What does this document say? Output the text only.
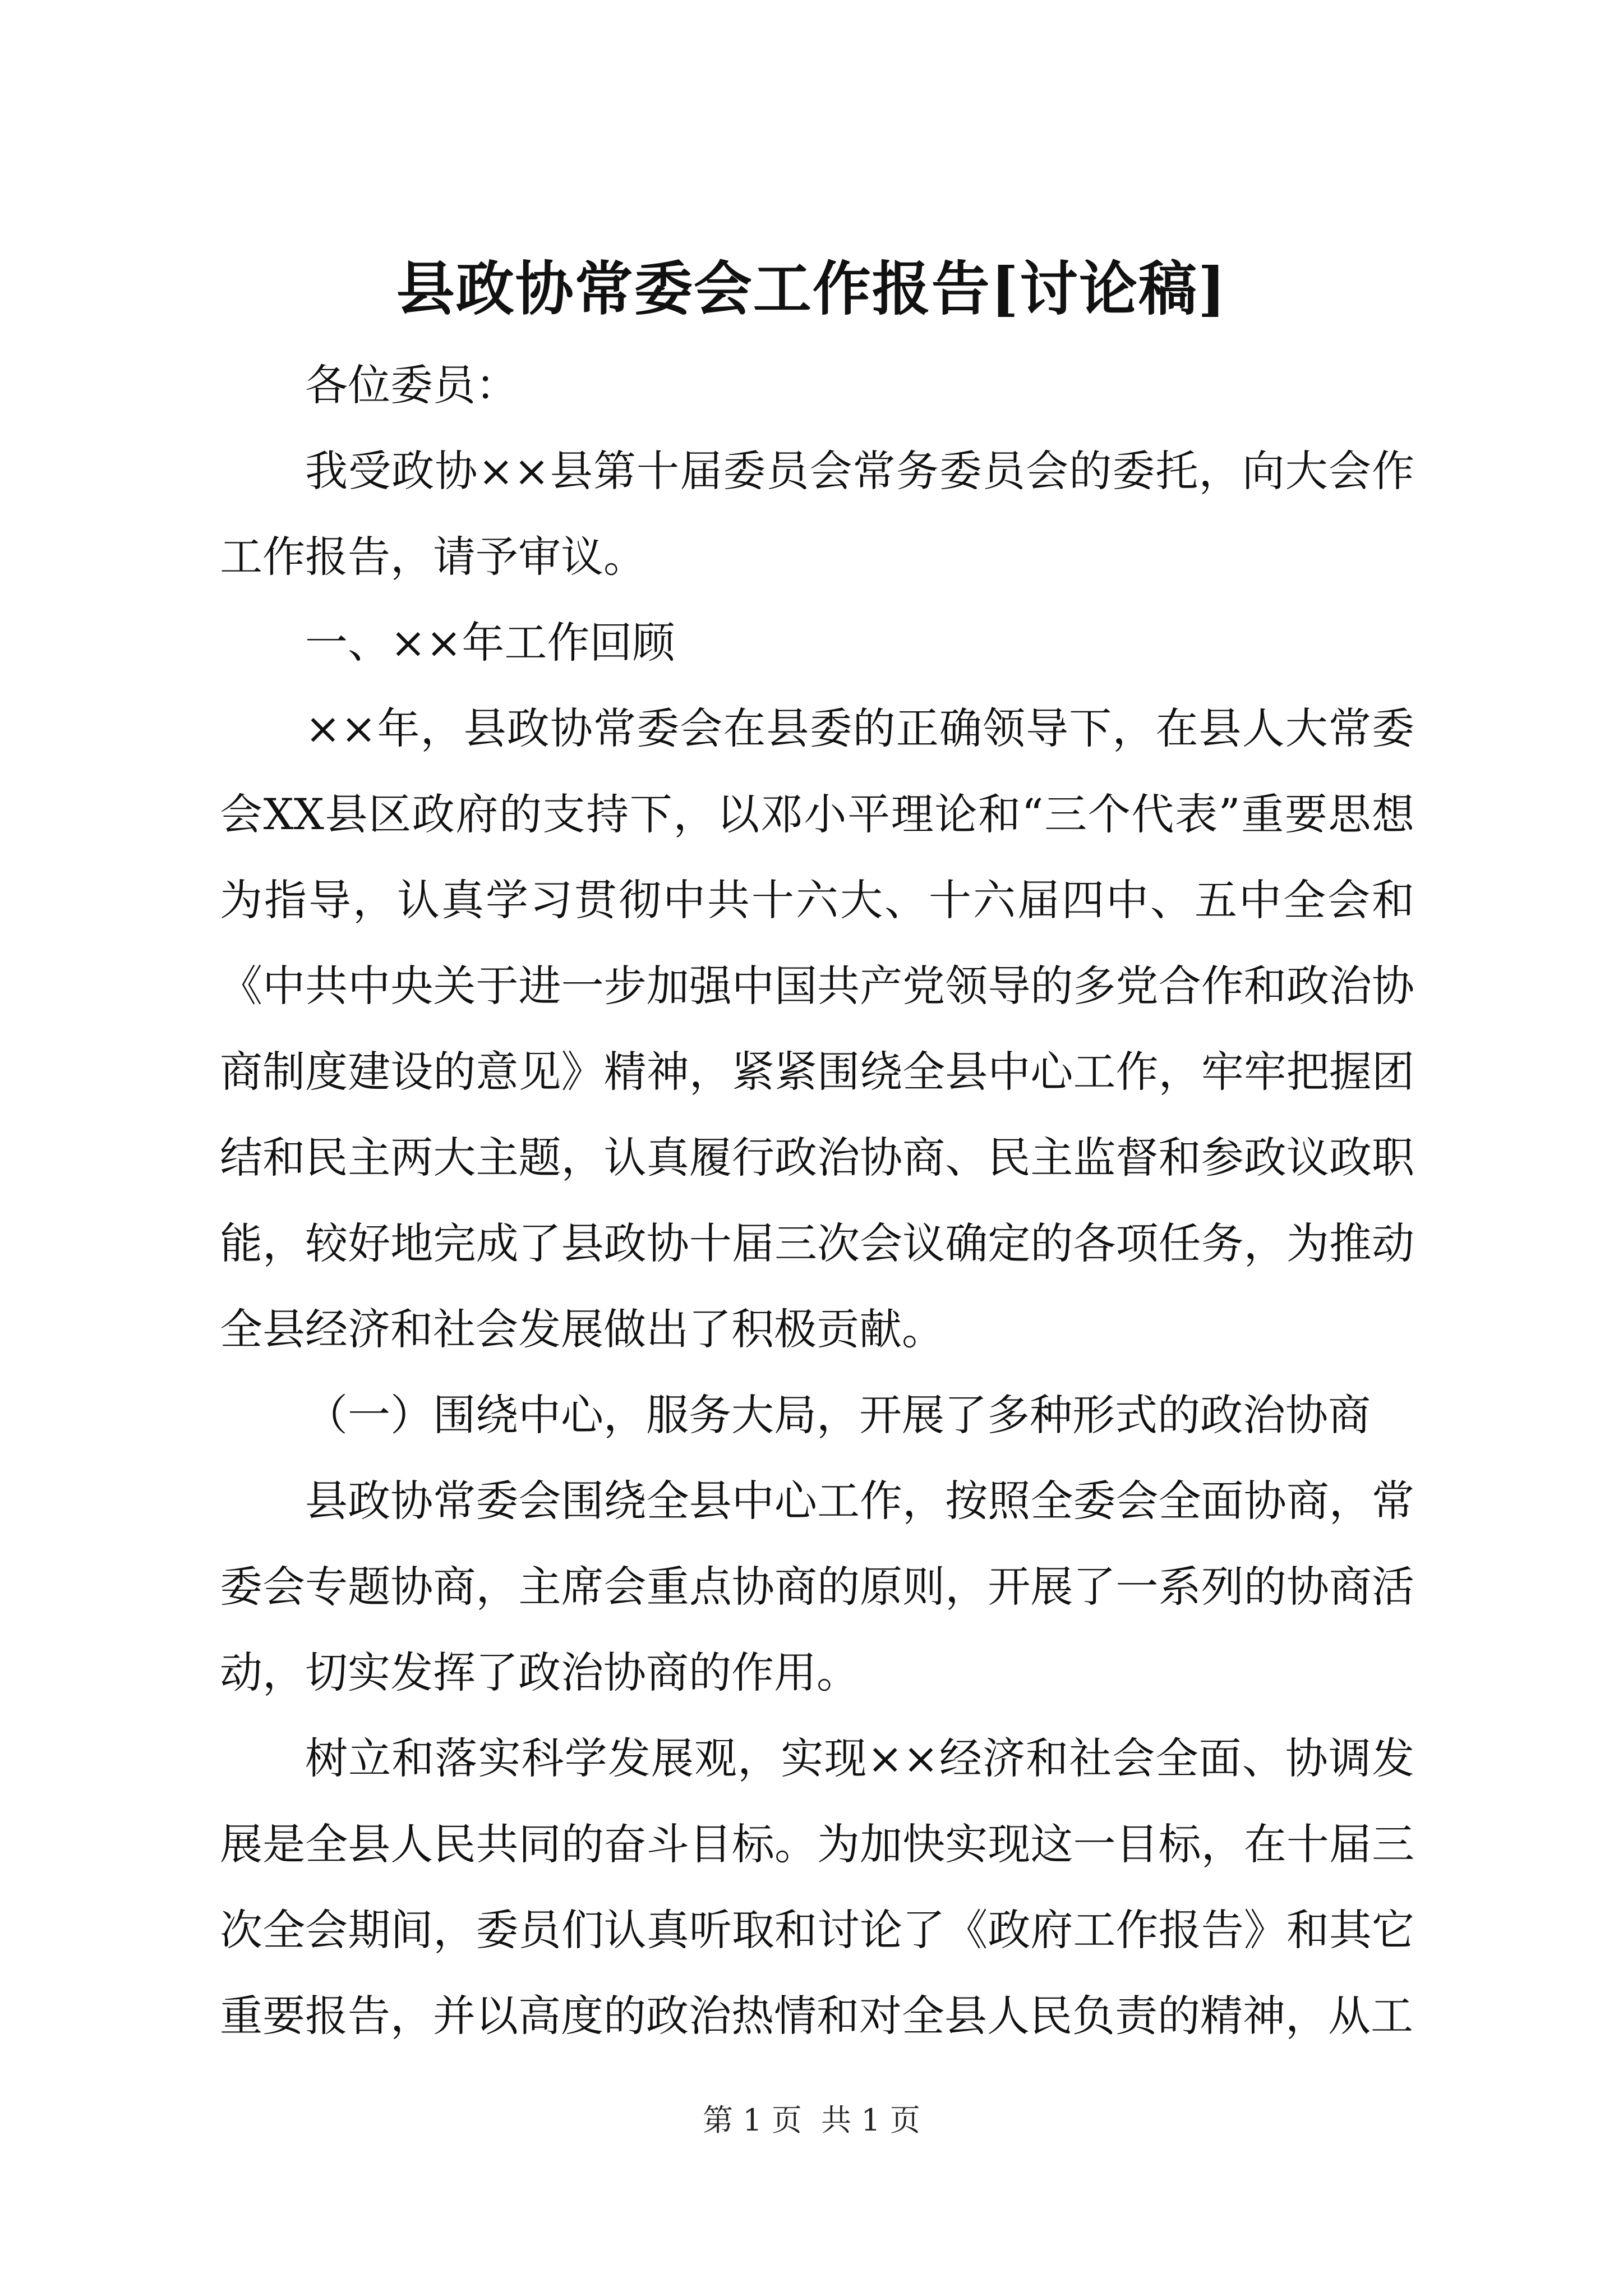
县政协常委会工作报告[讨论稿]

各位委员：

我受政协××县第十届委员会常务委员会的委托，向大会作工作报告，请予审议。

一、××年工作回顾

××年，县政协常委会在县委的正确领导下，在县人大常委会XX县区政府的支持下，以邓小平理论和“三个代表”重要思想为指导，认真学习贯彻中共十六大、十六届四中、五中全会和《中共中央关于进一步加强中国共产党领导的多党合作和政治协商制度建设的意见》精神，紧紧围绕全县中心工作，牢牢把握团结和民主两大主题，认真履行政治协商、民主监督和参政议政职能，较好地完成了县政协十届三次会议确定的各项任务，为推动全县经济和社会发展做出了积极贡献。

（一）围绕中心，服务大局，开展了多种形式的政治协商

县政协常委会围绕全县中心工作，按照全委会全面协商，常委会专题协商，主席会重点协商的原则，开展了一系列的协商活动，切实发挥了政治协商的作用。

树立和落实科学发展观，实现××经济和社会全面、协调发展是全县人民共同的奋斗目标。为加快实现这一目标，在十届三次全会期间，委员们认真听取和讨论了《政府工作报告》和其它重要报告，并以高度的政治热情和对全县人民负责的精神，从工

第 1 页  共 1 页
